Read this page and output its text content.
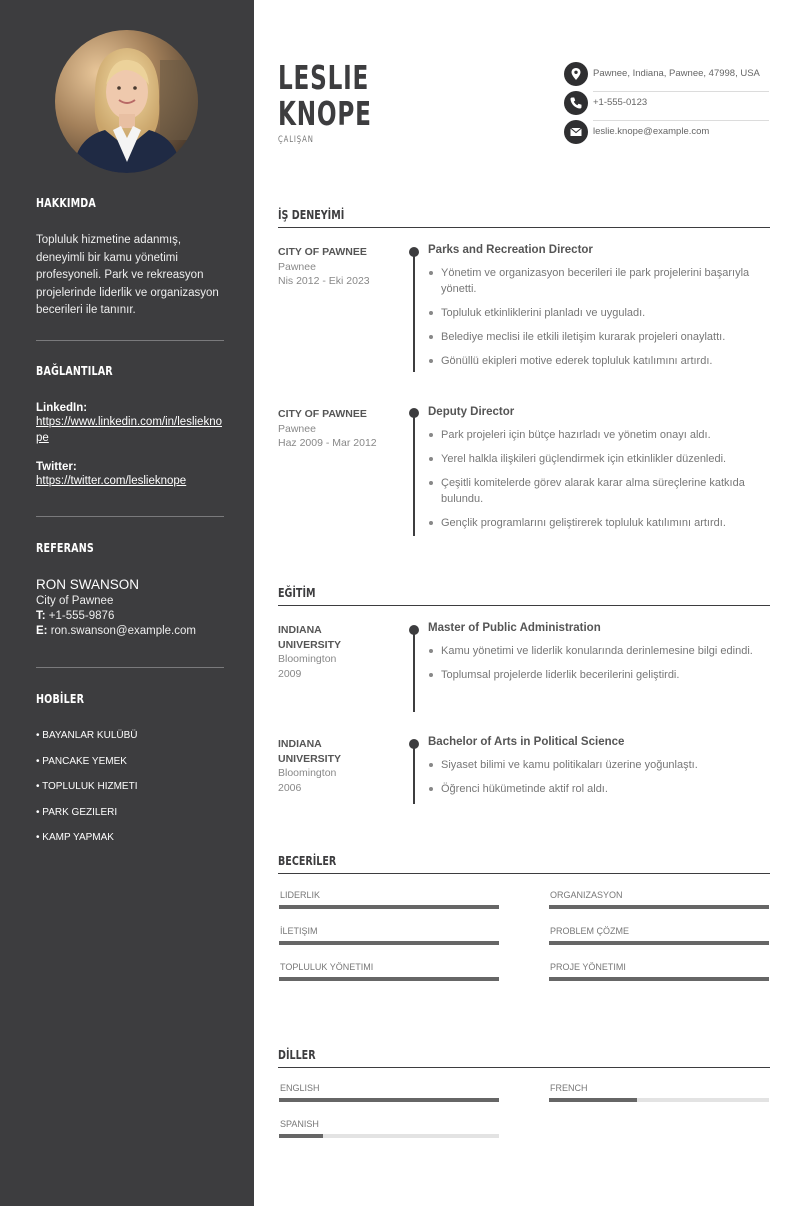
HAKKIMDA
Topluluk hizmetine adanmış, deneyimli bir kamu yönetimi profesyoneli. Park ve rekreasyon projelerinde liderlik ve organizasyon becerileri ile tanınır.
BAĞLANTILAR
LinkedIn:
https://www.linkedin.com/in/leslieknope
Twitter:
https://twitter.com/leslieknope
REFERANS
RON SWANSON
City of Pawnee
T: +1-555-9876
E: ron.swanson@example.com
HOBİLER
• BAYANLAR KULÜBÜ
• PANCAKE YEMEK
• TOPLULUK HIZMETI
• PARK GEZILERI
• KAMP YAPMAK
LESLIE
KNOPE
ÇALIŞAN
Pawnee, Indiana, Pawnee, 47998, USA
+1-555-0123
leslie.knope@example.com
İŞ DENEYİMİ
CITY OF PAWNEE
Pawnee
Nis 2012 - Eki 2023
Parks and Recreation Director
Yönetim ve organizasyon becerileri ile park projelerini başarıyla yönetti.
Topluluk etkinliklerini planladı ve uyguladı.
Belediye meclisi ile etkili iletişim kurarak projeleri onaylattı.
Gönüllü ekipleri motive ederek topluluk katılımını artırdı.
CITY OF PAWNEE
Pawnee
Haz 2009 - Mar 2012
Deputy Director
Park projeleri için bütçe hazırladı ve yönetim onayı aldı.
Yerel halkla ilişkileri güçlendirmek için etkinlikler düzenledi.
Çeşitli komitelerde görev alarak karar alma süreçlerine katkıda bulundu.
Gençlik programlarını geliştirerek topluluk katılımını artırdı.
EĞİTİM
INDIANA UNIVERSITY
Bloomington
2009
Master of Public Administration
Kamu yönetimi ve liderlik konularında derinlemesine bilgi edindi.
Toplumsal projelerde liderlik becerilerini geliştirdi.
INDIANA UNIVERSITY
Bloomington
2006
Bachelor of Arts in Political Science
Siyaset bilimi ve kamu politikaları üzerine yoğunlaştı.
Öğrenci hükümetinde aktif rol aldı.
BECERİLER
LIDERLIK	ORGANIZASYON
İLETIŞIM	PROBLEM ÇÖZME
TOPLULUK YÖNETIMI	PROJE YÖNETIMI
DİLLER
ENGLISH	FRENCH
SPANISH
